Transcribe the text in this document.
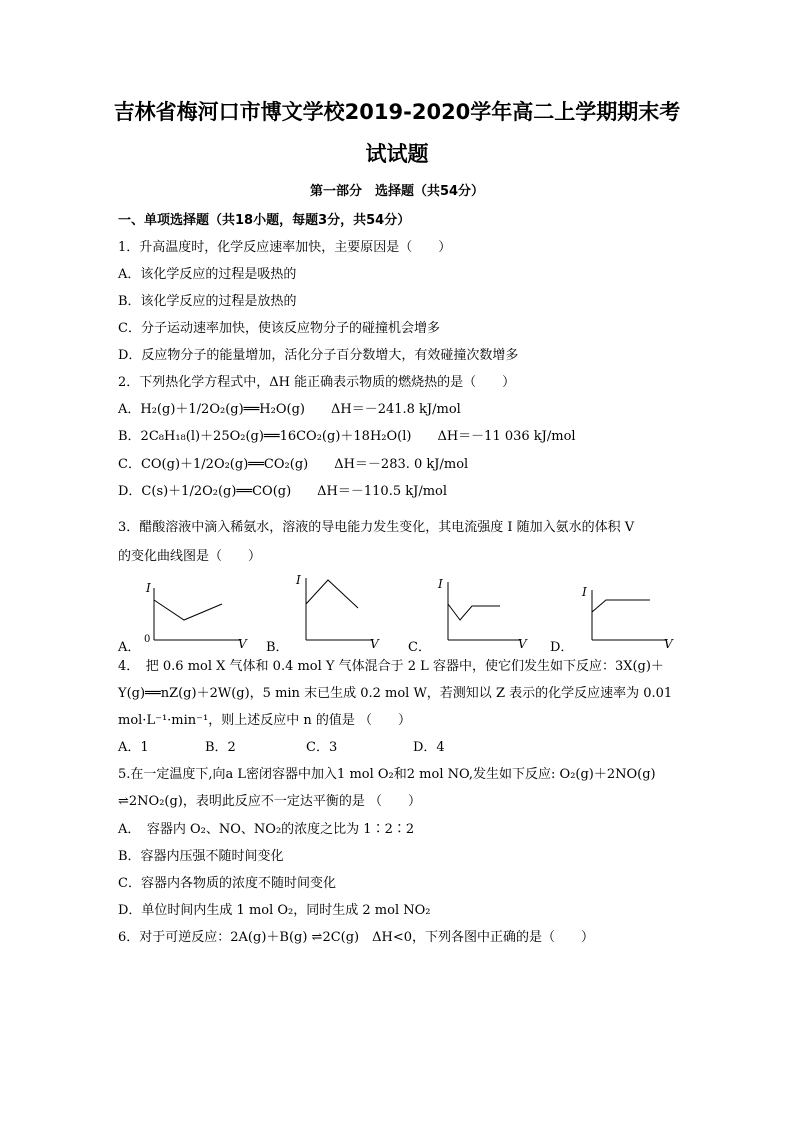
吉林省梅河口市博文学校2019-2020学年高二上学期期末考
试试题
第一部分　选择题（共54分）
一、单项选择题（共18小题，每题3分，共54分）
1．升高温度时，化学反应速率加快，主要原因是（　　）
A．该化学反应的过程是吸热的
B．该化学反应的过程是放热的
C．分子运动速率加快，使该反应物分子的碰撞机会增多
D．反应物分子的能量增加，活化分子百分数增大，有效碰撞次数增多
2．下列热化学方程式中，ΔH 能正确表示物质的燃烧热的是（　　）
A．H₂(g)＋1/2O₂(g)══H₂O(g)　　ΔH＝－241.8 kJ/mol
B．2C₈H₁₈(l)＋25O₂(g)══16CO₂(g)＋18H₂O(l)　　ΔH＝－11 036 kJ/mol
C．CO(g)＋1/2O₂(g)══CO₂(g)　　ΔH＝－283. 0 kJ/mol
D．C(s)＋1/2O₂(g)══CO(g)　　ΔH＝－110.5 kJ/mol
3．醋酸溶液中滴入稀氨水，溶液的导电能力发生变化，其电流强度 I 随加入氨水的体积 V
的变化曲线图是（　　）
A．
I
0	V B．
I
V C．
I
V D．
I
V
4．　把 0.6 mol X 气体和 0.4 mol Y 气体混合于 2 L 容器中，使它们发生如下反应：3X(g)＋
Y(g)══nZ(g)＋2W(g)，5 min 末已生成 0.2 mol W，若测知以 Z 表示的化学反应速率为 0.01
mol·L⁻¹·min⁻¹，则上述反应中 n 的值是 （　　）
A．1	B．2	C．3	D．4
5.在一定温度下,向a L密闭容器中加入1 mol O₂和2 mol NO,发生如下反应: O₂(g)＋2NO(g)
⇌2NO₂(g)，表明此反应不一定达平衡的是 （　　）
A．　容器内 O₂、NO、NO₂的浓度之比为 1∶2∶2
B．容器内压强不随时间变化
C．容器内各物质的浓度不随时间变化
D．单位时间内生成 1 mol O₂，同时生成 2 mol NO₂
6．对于可逆反应：2A(g)＋B(g) ⇌2C(g)　ΔH<0，下列各图中正确的是（　　）
